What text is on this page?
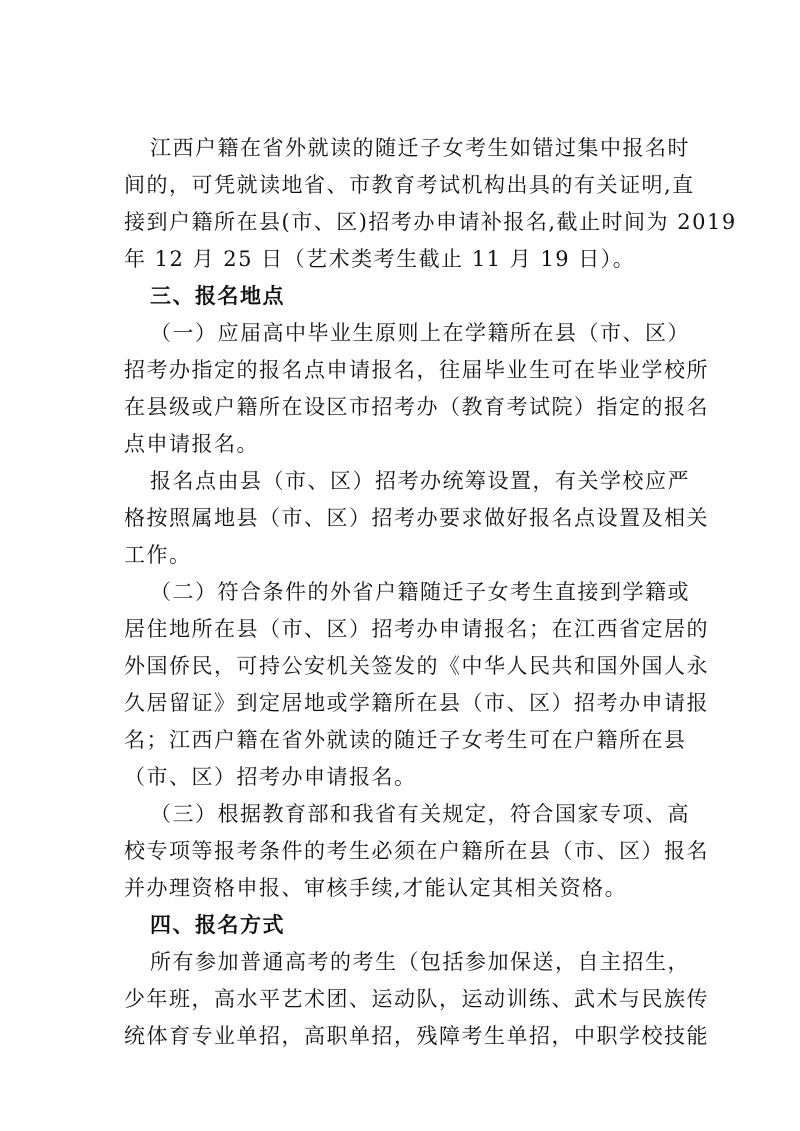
江西户籍在省外就读的随迁子女考生如错过集中报名时
间的，可凭就读地省、市教育考试机构出具的有关证明,直
接到户籍所在县(市、区)招考办申请补报名,截止时间为 2019
年 12 月 25 日（艺术类考生截止 11 月 19 日）。
三、报名地点
（一）应届高中毕业生原则上在学籍所在县（市、区）
招考办指定的报名点申请报名，往届毕业生可在毕业学校所
在县级或户籍所在设区市招考办（教育考试院）指定的报名
点申请报名。
报名点由县（市、区）招考办统筹设置，有关学校应严
格按照属地县（市、区）招考办要求做好报名点设置及相关
工作。
（二）符合条件的外省户籍随迁子女考生直接到学籍或
居住地所在县（市、区）招考办申请报名；在江西省定居的
外国侨民，可持公安机关签发的《中华人民共和国外国人永
久居留证》到定居地或学籍所在县（市、区）招考办申请报
名；江西户籍在省外就读的随迁子女考生可在户籍所在县
（市、区）招考办申请报名。
（三）根据教育部和我省有关规定，符合国家专项、高
校专项等报考条件的考生必须在户籍所在县（市、区）报名
并办理资格申报、审核手续,才能认定其相关资格。
四、报名方式
所有参加普通高考的考生（包括参加保送，自主招生，
少年班，高水平艺术团、运动队，运动训练、武术与民族传
统体育专业单招，高职单招，残障考生单招，中职学校技能
